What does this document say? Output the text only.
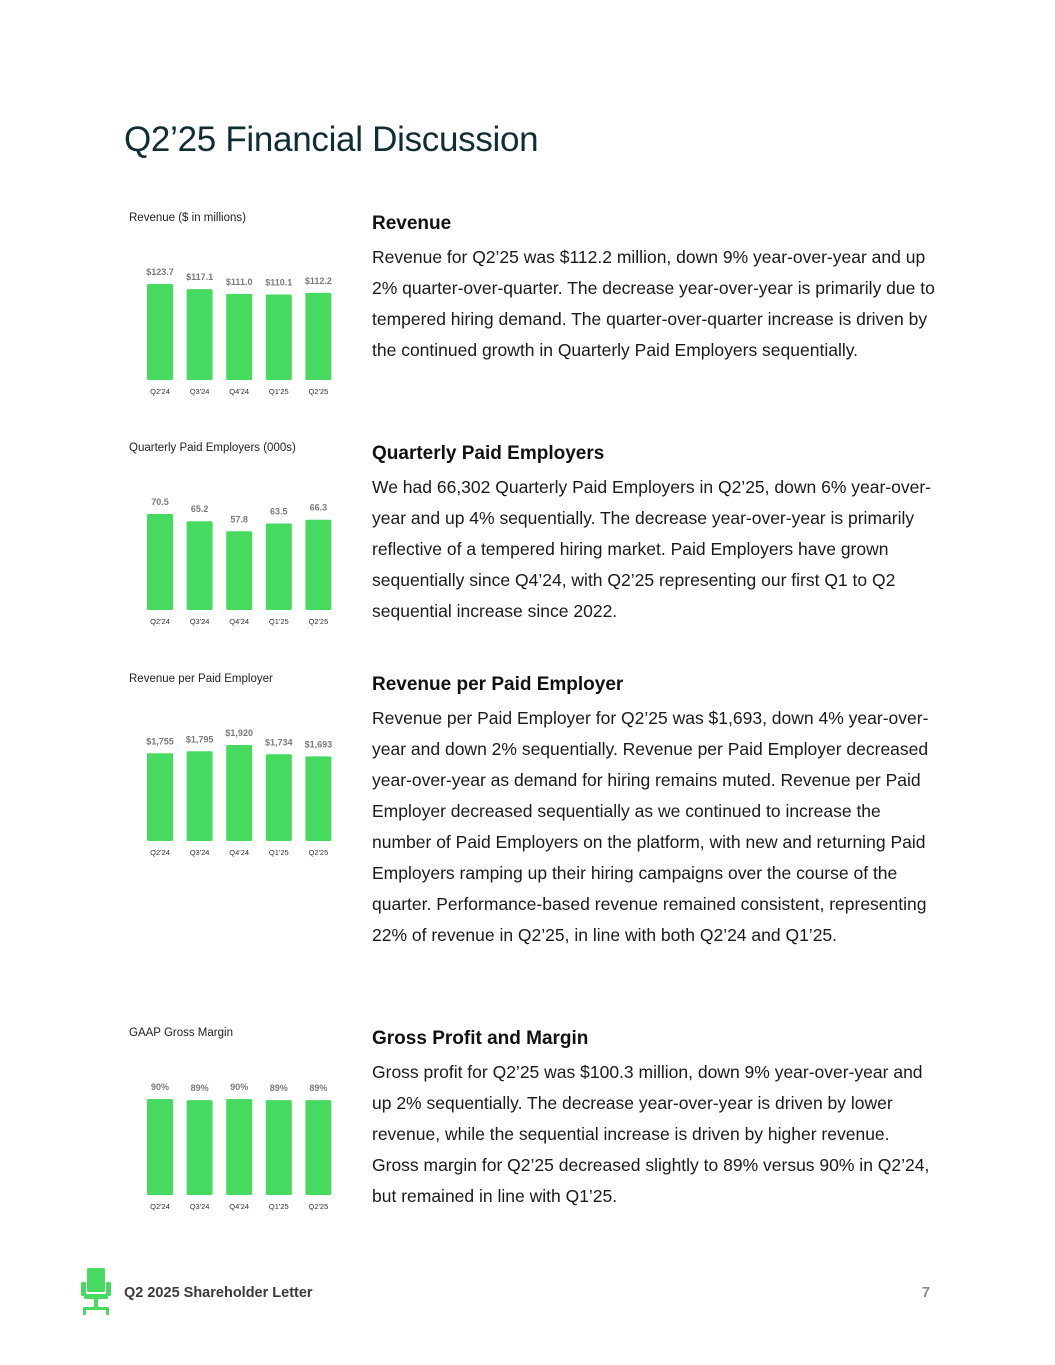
Q2’25 Financial Discussion
Revenue ($ in millions)
$123.7
Q2'24
$117.1
Q3'24
$111.0
Q4'24
$110.1
Q1'25
$112.2
Q2'25
Revenue

Revenue for Q2’25 was $112.2 million, down 9% year-over-year and up 2% quarter-over-quarter. The decrease year-over-year is primarily due to tempered hiring demand. The quarter-over-quarter increase is driven by the continued growth in Quarterly Paid Employers sequentially.

Quarterly Paid Employers (000s)
70.5
Q2'24
65.2
Q3'24
57.8
Q4'24
63.5
Q1'25
66.3
Q2'25
Quarterly Paid Employers

We had 66,302 Quarterly Paid Employers in Q2’25, down 6% year-over-year and up 4% sequentially. The decrease year-over-year is primarily reflective of a tempered hiring market. Paid Employers have grown sequentially since Q4’24, with Q2’25 representing our first Q1 to Q2 sequential increase since 2022.

Revenue per Paid Employer
$1,755
Q2'24
$1,795
Q3'24
$1,920
Q4'24
$1,734
Q1'25
$1,693
Q2'25
Revenue per Paid Employer

Revenue per Paid Employer for Q2’25 was $1,693, down 4% year-over-year and down 2% sequentially. Revenue per Paid Employer decreased year-over-year as demand for hiring remains muted. Revenue per Paid Employer decreased sequentially as we continued to increase the number of Paid Employers on the platform, with new and returning Paid Employers ramping up their hiring campaigns over the course of the quarter. Performance-based revenue remained consistent, representing 22% of revenue in Q2’25, in line with both Q2’24 and Q1’25.

GAAP Gross Margin
90%
Q2'24
89%
Q3'24
90%
Q4'24
89%
Q1'25
89%
Q2'25
Gross Profit and Margin

Gross profit for Q2’25 was $100.3 million, down 9% year-over-year and up 2% sequentially. The decrease year-over-year is driven by lower revenue, while the sequential increase is driven by higher revenue. Gross margin for Q2’25 decreased slightly to 89% versus 90% in Q2’24, but remained in line with Q1’25.

Q2 2025 Shareholder Letter	7
